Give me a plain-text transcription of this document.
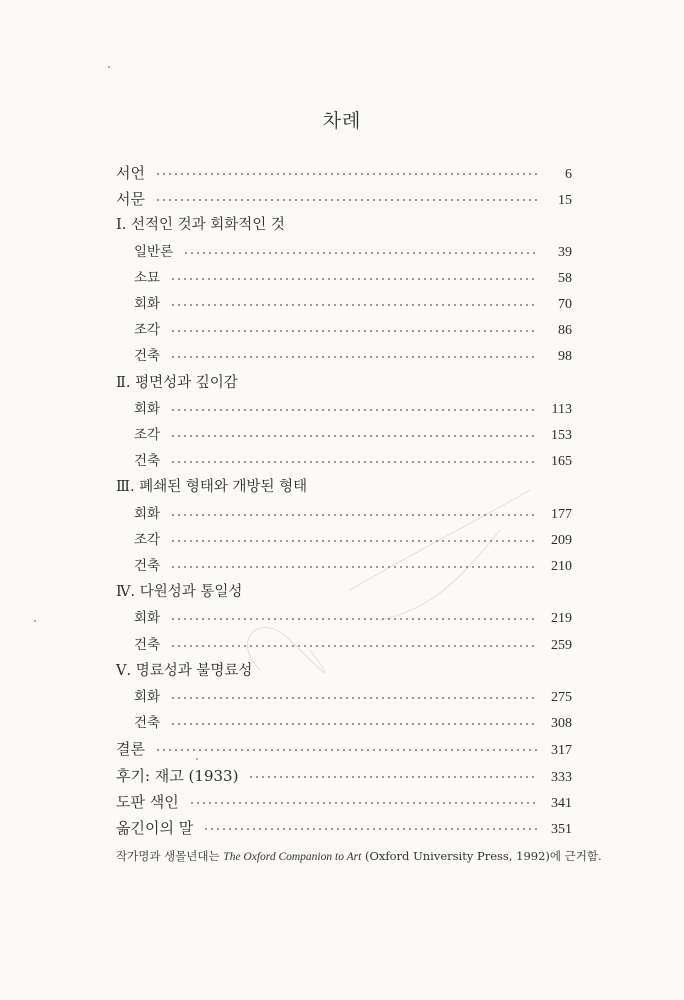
차례
서언	6
서문	15
Ⅰ. 선적인 것과 회화적인 것
일반론	39
소묘	58
회화	70
조각	86
건축	98
Ⅱ. 평면성과 깊이감
회화	113
조각	153
건축	165
Ⅲ. 폐쇄된 형태와 개방된 형태
회화	177
조각	209
건축	210
Ⅳ. 다원성과 통일성
회화	219
건축	259
Ⅴ. 명료성과 불명료성
회화	275
건축	308
결론	317
후기: 재고 (1933)	333
도판 색인	341
옮긴이의 말	351
작가명과 생몰년대는 The Oxford Companion to Art (Oxford University Press, 1992)에 근거함.
